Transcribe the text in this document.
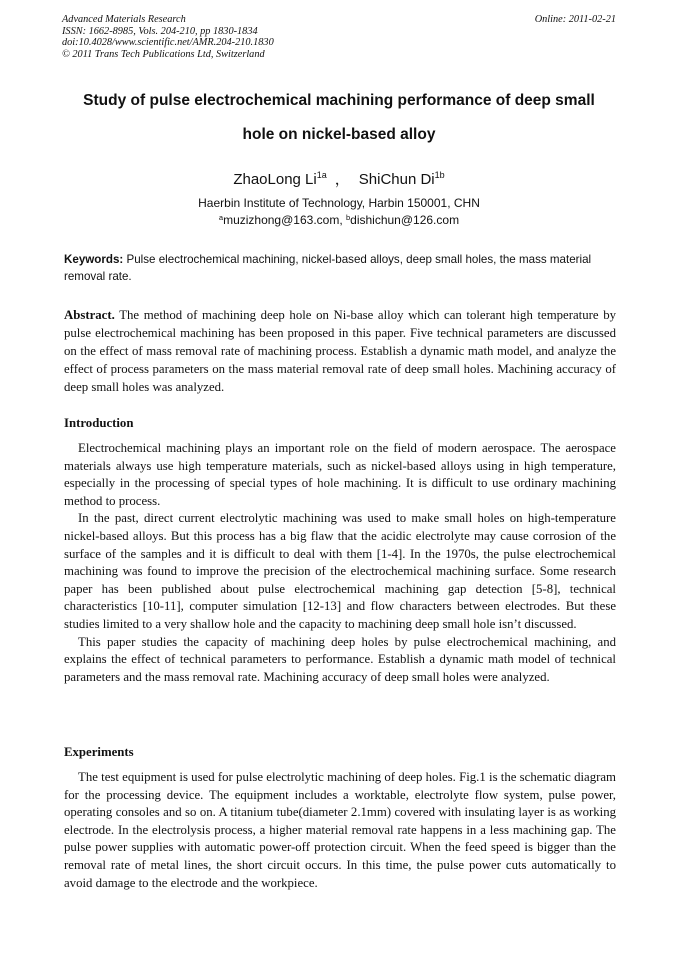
Advanced Materials Research
ISSN: 1662-8985, Vols. 204-210, pp 1830-1834
doi:10.4028/www.scientific.net/AMR.204-210.1830
© 2011 Trans Tech Publications Ltd, Switzerland
Online: 2011-02-21
Study of pulse electrochemical machining performance of deep small
hole on nickel-based alloy
ZhaoLong $Li^{1a}$ ， ShiChun $Di^{1b}$
Haerbin Institute of Technology, Harbin 150001, CHN
$^a$muzizhong@163.com, $^b$dishichun@126.com
Keywords: Pulse electrochemical machining, nickel-based alloys, deep small holes, the mass material removal rate.
Abstract. The method of machining deep hole on Ni-base alloy which can tolerant high temperature by pulse electrochemical machining has been proposed in this paper. Five technical parameters are discussed on the effect of mass removal rate of machining process. Establish a dynamic math model, and analyze the effect of process parameters on the mass material removal rate of deep small holes. Machining accuracy of deep small holes was analyzed.
Introduction

Electrochemical machining plays an important role on the field of modern aerospace. The aerospace materials always use high temperature materials, such as nickel-based alloys using in high temperature, especially in the processing of special types of hole machining. It is difficult to use ordinary machining method to process.

In the past, direct current electrolytic machining was used to make small holes on high-temperature nickel-based alloys. But this process has a big flaw that the acidic electrolyte may cause corrosion of the surface of the samples and it is difficult to deal with them [1-4]. In the 1970s, the pulse electrochemical machining was found to improve the precision of the electrochemical machining surface. Some research paper has been published about pulse electrochemical machining gap detection [5-8], technical characteristics [10-11], computer simulation [12-13] and flow characters between electrodes. But these studies limited to a very shallow hole and the capacity to machining deep small hole isn’t discussed.

This paper studies the capacity of machining deep holes by pulse electrochemical machining, and explains the effect of technical parameters to performance. Establish a dynamic math model of technical parameters and the mass removal rate. Machining accuracy of deep small holes were analyzed.

Experiments

The test equipment is used for pulse electrolytic machining of deep holes. Fig.1 is the schematic diagram for the processing device. The equipment includes a worktable, electrolyte flow system, pulse power, operating consoles and so on. A titanium tube(diameter 2.1mm) covered with insulating layer is as working electrode. In the electrolysis process, a higher material removal rate happens in a less machining gap. The pulse power supplies with automatic power-off protection circuit. When the feed speed is bigger than the removal rate of metal lines, the short circuit occurs. In this time, the pulse power cuts automatically to avoid damage to the electrode and the workpiece.
